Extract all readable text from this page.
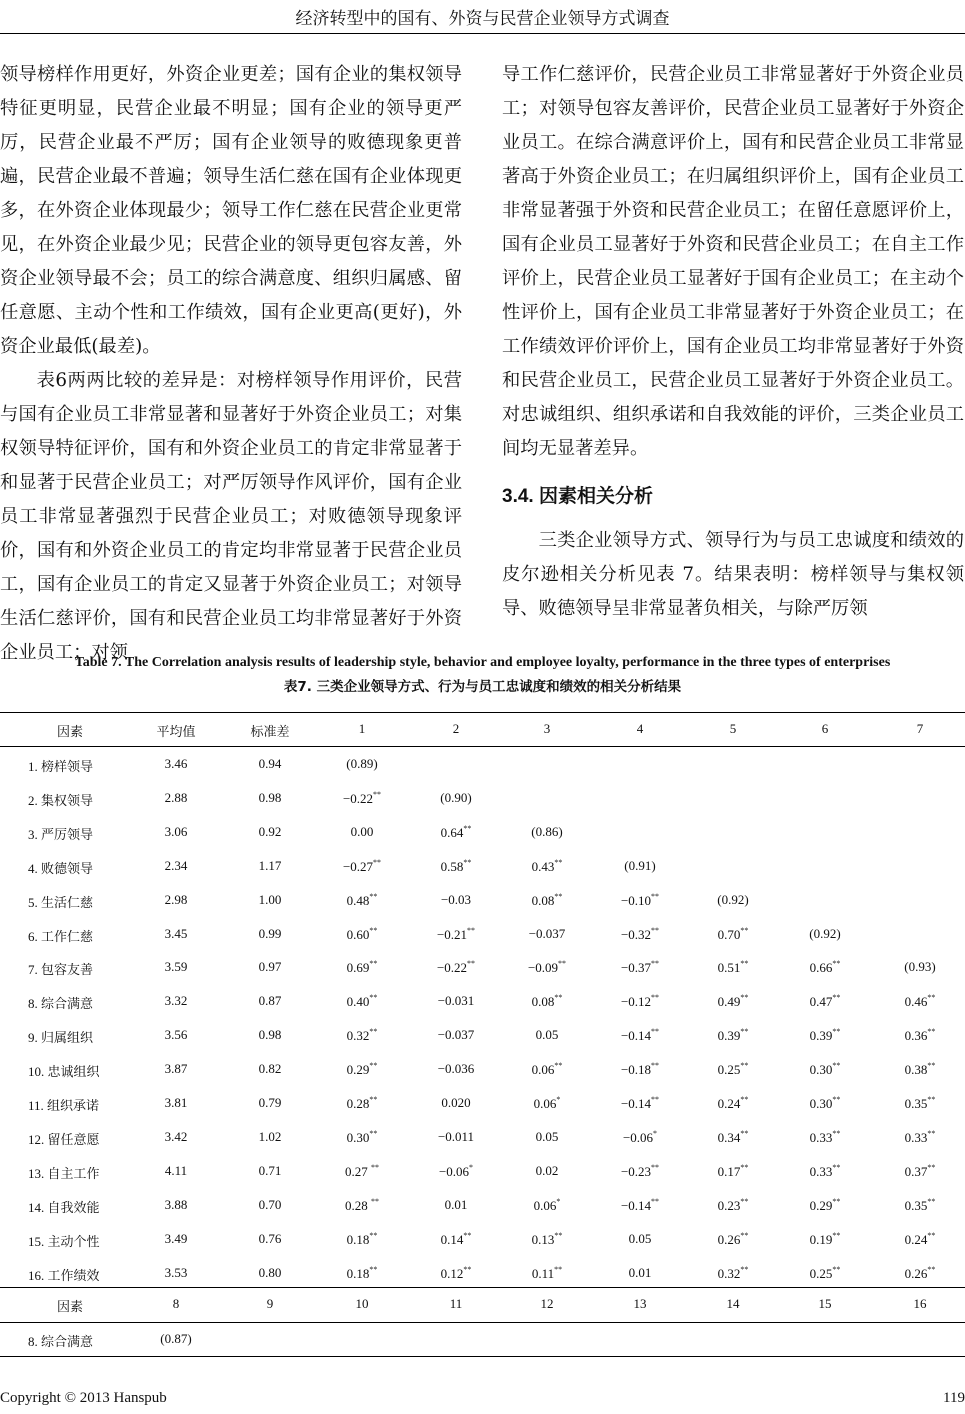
经济转型中的国有、外资与民营企业领导方式调查

领导榜样作用更好，外资企业更差；国有企业的集权领导特征更明显，民营企业最不明显；国有企业的领导更严厉，民营企业最不严厉；国有企业领导的败德现象更普遍，民营企业最不普遍；领导生活仁慈在国有企业体现更多，在外资企业体现最少；领导工作仁慈在民营企业更常见，在外资企业最少见；民营企业的领导更包容友善，外资企业领导最不会；员工的综合满意度、组织归属感、留任意愿、主动个性和工作绩效，国有企业更高(更好)，外资企业最低(最差)。

表6两两比较的差异是：对榜样领导作用评价，民营与国有企业员工非常显著和显著好于外资企业员工；对集权领导特征评价，国有和外资企业员工的肯定非常显著于和显著于民营企业员工；对严厉领导作风评价，国有企业员工非常显著强烈于民营企业员工；对败德领导现象评价，国有和外资企业员工的肯定均非常显著于民营企业员工，国有企业员工的肯定又显著于外资企业员工；对领导生活仁慈评价，国有和民营企业员工均非常显著好于外资企业员工；对领

导工作仁慈评价，民营企业员工非常显著好于外资企业员工；对领导包容友善评价，民营企业员工显著好于外资企业员工。在综合满意评价上，国有和民营企业员工非常显著高于外资企业员工；在归属组织评价上，国有企业员工非常显著强于外资和民营企业员工；在留任意愿评价上，国有企业员工显著好于外资和民营企业员工；在自主工作评价上，民营企业员工显著好于国有企业员工；在主动个性评价上，国有企业员工非常显著好于外资企业员工；在工作绩效评价评价上，国有企业员工均非常显著好于外资和民营企业员工，民营企业员工显著好于外资企业员工。对忠诚组织、组织承诺和自我效能的评价，三类企业员工间均无显著差异。

3.4. 因素相关分析

三类企业领导方式、领导行为与员工忠诚度和绩效的皮尔逊相关分析见表 7。结果表明：榜样领导与集权领导、败德领导呈非常显著负相关，与除严厉领

Table 7. The Correlation analysis results of leadership style, behavior and employee loyalty, performance in the three types of enterprises
表7. 三类企业领导方式、行为与员工忠诚度和绩效的相关分析结果
因素	平均值	标准差	1	2	3	4	5	6	7
1. 榜样领导	3.46	0.94	(0.89)
2. 集权领导	2.88	0.98	−0.22**	(0.90)
3. 严厉领导	3.06	0.92	0.00	0.64**	(0.86)
4. 败德领导	2.34	1.17	−0.27**	0.58**	0.43**	(0.91)
5. 生活仁慈	2.98	1.00	0.48**	−0.03	0.08**	−0.10**	(0.92)
6. 工作仁慈	3.45	0.99	0.60**	−0.21**	−0.037	−0.32**	0.70**	(0.92)
7. 包容友善	3.59	0.97	0.69**	−0.22**	−0.09**	−0.37**	0.51**	0.66**	(0.93)
8. 综合满意	3.32	0.87	0.40**	−0.031	0.08**	−0.12**	0.49**	0.47**	0.46**
9. 归属组织	3.56	0.98	0.32**	−0.037	0.05	−0.14**	0.39**	0.39**	0.36**
10. 忠诚组织	3.87	0.82	0.29**	−0.036	0.06**	−0.18**	0.25**	0.30**	0.38**
11. 组织承诺	3.81	0.79	0.28**	0.020	0.06*	−0.14**	0.24**	0.30**	0.35**
12. 留任意愿	3.42	1.02	0.30**	−0.011	0.05	−0.06*	0.34**	0.33**	0.33**
13. 自主工作	4.11	0.71	0.27 **	−0.06*	0.02	−0.23**	0.17**	0.33**	0.37**
14. 自我效能	3.88	0.70	0.28 **	0.01	0.06*	−0.14**	0.23**	0.29**	0.35**
15. 主动个性	3.49	0.76	0.18**	0.14**	0.13**	0.05	0.26**	0.19**	0.24**
16. 工作绩效	3.53	0.80	0.18**	0.12**	0.11**	0.01	0.32**	0.25**	0.26**
因素	8	9	10	11	12	13	14	15	16
8. 综合满意	(0.87)
Copyright © 2013 Hanspub	119
